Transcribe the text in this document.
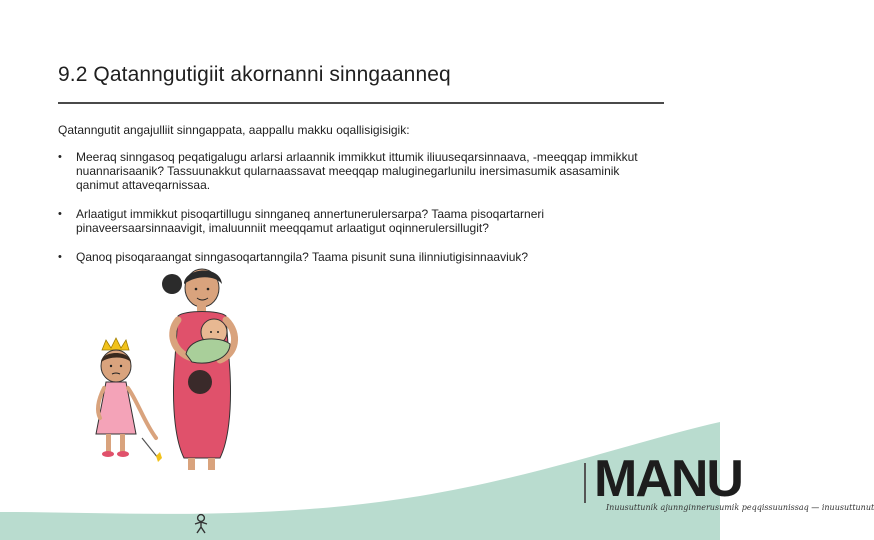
9.2 Qatanngutigiit akornanni sinngaanneq
Qatanngutit angajulliit sinngappata, aappallu makku oqallisigisigik:
• Meeraq sinngasoq peqatigalugu arlarsi arlaannik immikkut ittumik iliuuseqarsinnaava, -meeqqap immikkut nuannarisaanik? Tassuunakkut qularnaassavat meeqqap maluginegarlunilu inersimasumik asasaminik qanimut attaveqarnissaa.
• Arlaatigut immikkut pisoqartillugu sinnganeq annertunerulersarpa? Taama pisoqartarneri pinaveersaarsinnaavigit, imaluunniit meeqqamut arlaatigut oqinnerulersillugit?
• Qanoq pisoqaraangat sinngasoqartanngila? Taama pisunit suna ilinniutigisinnaaviuk?
MANU
Inuusuttunik ajunnginnerusumik peqqissuunissaq — inuusuttunut
